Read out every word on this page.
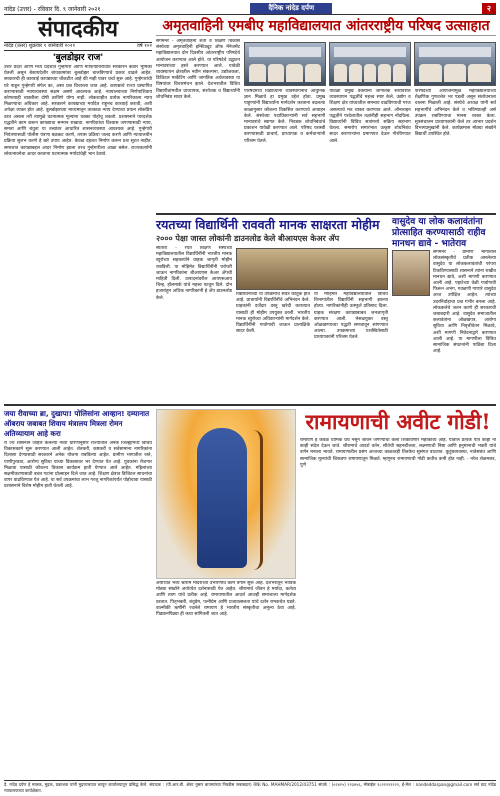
नांदेड (उत्तर) - रविवार दि. ९ जानेवारी २०२१	दैनिक नांदेड दर्पण	२
संपादकीय
नांदेड (उत्तर) शुक्रवार ९ जानेवारी २०२१	वर्ष १०२
'बुलडोझर राज'
उत्तर प्रदेश आणि मध्य प्रदेशात गुन्हेगारी आणि माफियांविरोधात सरकारने कठोर भूमिका घेतली असून बेकायदेशीर बांधकामांवर बुलडोझर चालविण्याचे प्रकार वाढले आहेत. सरकारची ही कारवाई कायद्याच्या चौकटीत आहे की नाही यावर चर्चा सुरू आहे. गुन्हेगारांची घरे पाडून गुन्हेगारी संपेल का, असा प्रश्न विचारला जात आहे. कायद्याचे राज्य प्रस्थापित करण्यासाठी न्यायव्यवस्था सक्षम असणे आवश्यक आहे. न्यायालयाच्या निर्णयाशिवाय कोणत्याही व्यक्तीला दोषी ठरविणे योग्य नाही. लोकशाहीत प्रत्येक नागरिकाला न्याय मिळण्याचा अधिकार आहे. सरकारने कायद्याच्या मर्यादेत राहूनच कारवाई करावी, अशी अपेक्षा व्यक्त होत आहे. बुलडोझरच्या माध्यमातून तात्काळ न्याय देण्याचा प्रयत्न लोकप्रिय ठरत असला तरी त्यामुळे घटनात्मक मूल्यांना धक्का पोहोचू शकतो. प्रशासनाने पारदर्शक पद्धतीने काम करून कायद्याचा सन्मान राखावा. नागरिकांचा विश्वास जपण्यासाठी न्याय, समता आणि बंधुता या तत्त्वांवर आधारित शासनव्यवस्था आवश्यक आहे. गुन्हेगारी नियंत्रणासाठी पोलीस यंत्रणा बळकट करणे, तपास प्रक्रिया जलद करणे आणि न्यायालयीन प्रक्रिया सुलभ करणे हे खरे उपाय आहेत. केवळ दहशत निर्माण करून प्रश्न सुटत नाहीत. समाजात कायद्याबद्दल आदर निर्माण झाला तरच गुन्हेगारीला आळा बसेल. राज्यकर्त्यांनी लोकभावनेचा आदर करताना घटनात्मक मर्यादांचेही भान ठेवावे.
अमृतवाहिनी एमबीए महाविद्यालयात आंतरराष्ट्रीय परिषद उत्साहात
संगमनेर - अमृतवाहिनी शेती व शिक्षण विकास संस्थेच्या अमृतवाहिनी इन्स्टिट्यूट ऑफ मॅनेजमेंट महाविद्यालयात दोन दिवसीय आंतरराष्ट्रीय परिषदेचे आयोजन करण्यात आले होते. या परिषदेचे उद्घाटन मान्यवरांच्या हस्ते करण्यात आले. यावेळी व्यवस्थापन क्षेत्रातील नवीन संकल्पना, उद्योजकता, डिजिटल मार्केटिंग आणि जागतिक अर्थव्यवस्था या विषयांवर विचारमंथन झाले. देशभरातील विविध विद्यापीठांमधील प्राध्यापक, संशोधक व विद्यार्थ्यांनी शोधनिबंध सादर केले.
परिषदेमध्ये विद्यार्थ्यांना व्यवस्थापनाचे आधुनिक ज्ञान मिळावे हा प्रमुख उद्देश होता. प्रमुख पाहुण्यांनी विद्यार्थ्यांना मार्गदर्शन करताना बदलत्या काळानुसार कौशल्य विकसित करण्याचे आवाहन केले. संस्थेच्या पदाधिकाऱ्यांनी सर्व सहभागी मान्यवरांचे स्वागत केले. निवडक शोधनिबंधांचे प्रकाशन यावेळी करण्यात आले. परिषद यशस्वी करण्यासाठी प्राचार्य, प्राध्यापक व कर्मचाऱ्यांनी परिश्रम घेतले.
यावेळी प्रमुख वक्त्यांनी जागतिक स्तरावरील व्यवस्थापन पद्धतींचे महत्त्व स्पष्ट केले. उद्योग व शिक्षण क्षेत्र यांच्यातील समन्वय वाढविण्याची गरज असल्याचे मत व्यक्त करण्यात आले. ऑनलाइन पद्धतीने परदेशातील तज्ञांनीही सहभाग नोंदविला. विद्यार्थ्यांनी विविध सत्रांमध्ये सक्रिय सहभाग घेतला. समारोप समारंभात उत्कृष्ट शोधनिबंध सादर करणाऱ्यांना प्रमाणपत्र देऊन गौरविण्यात आले.
परिषदेच्या आयोजनामुळे महाविद्यालयाच्या शैक्षणिक गुणवत्तेत भर पडली असून संशोधनाला चालना मिळाली आहे. संस्थेचे अध्यक्ष यांनी सर्व सहभागींचे अभिनंदन केले व भविष्यातही असे उपक्रम राबविण्याचा मानस व्यक्त केला. सूत्रसंचालन प्राध्यापकांनी केले तर आभार प्रदर्शन विभागप्रमुखांनी केले. कार्यक्रमास मोठ्या संख्येने विद्यार्थी उपस्थित होते.
रयतच्या विद्यार्थिनी राववती मानक साक्षरता मोहीम
२००० पेक्षा जास्त लोकांनी डाउनलोड केले बीआयएस केअर ॲप
सातारा - रयत शिक्षण संस्थेच्या महाविद्यालयातील विद्यार्थिनींनी भारतीय मानक ब्युरोच्या सहकार्याने ग्राहक जागृती मोहीम राबविली. या मोहिमेत विद्यार्थिनींनी घरोघरी जाऊन नागरिकांना बीआयएस केअर ॲपची माहिती दिली. उत्पादनांवरील आयएसआय चिन्ह, हॉलमार्क यांचे महत्त्व पटवून दिले. दोन हजारांहून अधिक नागरिकांनी हे ॲप डाउनलोड केले.
विद्यार्थिनींच्या या उपक्रमाचे सर्वत्र कौतुक होत आहे. प्राचार्यांनी विद्यार्थिनींचे अभिनंदन केले. ग्राहकांनी दर्जेदार वस्तू खरेदी कराव्यात यासाठी ही मोहीम उपयुक्त ठरली. भारतीय मानक ब्युरोच्या अधिकाऱ्यांनी मार्गदर्शन केले. विद्यार्थिनींनी गावोगावी जाऊन प्रात्यक्षिके सादर केली.
या मोहिमेत महाविद्यालयातील विविध विभागांतील विद्यार्थिनी सहभागी झाल्या होत्या. नागरिकांनीही उत्स्फूर्त प्रतिसाद दिला. ग्राहक संरक्षण कायद्याबाबत जनजागृती करण्यात आली. भेसळयुक्त वस्तू ओळखण्याच्या पद्धती समजावून सांगण्यात आल्या. उपक्रमाच्या यशस्वितेसाठी प्राध्यापकांनी परिश्रम घेतले.
वासुदेव या लोक कलावंतांना प्रोत्साहित करण्यासाठी राहीव मानधन द्यावे - भातेराव
संगमनेर - ग्रामीण भागातील लोकसंस्कृतीचे प्रतीक असलेल्या वासुदेव या लोककलावंतांची परंपरा टिकविण्यासाठी शासनाने त्यांना राखीव मानधन द्यावे, अशी मागणी करण्यात आली आहे. पहाटेच्या वेळी गावोगावी फिरून अभंग, गवळणी गाणारे वासुदेव आज उपेक्षित आहेत. त्यांच्या उदरनिर्वाहाचा प्रश्न गंभीर बनला आहे. लोककलेचे जतन करणे ही सरकारची जबाबदारी आहे. वासुदेव समाजातील कलावंतांना ओळखपत्र, आरोग्य सुविधा आणि निवृत्तीवेतन मिळावे, अशी मागणी निवेदनाद्वारे करण्यात आली आहे. या मागणीला विविध सामाजिक संघटनांनी पाठिंबा दिला आहे.
जया रीवाच्या ब्रा, दुखापा! पोलिसांना आव्हान! दम्यानात ऑबराय जबाबत शिवाय मंत्रालय मित्रला रोमन अतिव्यायाम आहे करा
रा ज्य शासनाने जाहीर केलेल्या नव्या धोरणानुसार राज्यातील अनेक जिल्ह्यांमध्ये विविध विकासकामे सुरू करण्यात आली आहेत. शेतकरी, कष्टकरी व सर्वसामान्य नागरिकांना दिलासा देण्यासाठी सरकारने अनेक योजना राबविल्या आहेत. ग्रामीण भागातील रस्ते, पाणीपुरवठा, आरोग्य सुविधा यांच्या विकासावर भर देण्यात येत आहे. युवकांना रोजगार मिळावा यासाठी कौशल्य विकास कार्यक्रम हाती घेण्यात आले आहेत. महिलांच्या सक्षमीकरणासाठी बचत गटांना प्रोत्साहन दिले जात आहे. शिक्षण क्षेत्रात डिजिटल साधनांचा वापर वाढविण्यात येत आहे. या सर्व उपक्रमांचा लाभ गरजू नागरिकांपर्यंत पोहोचावा यासाठी प्रशासनाने विशेष मोहीम हाती घेतली आहे.
अयोध्येत भव्य श्रीराम मंदिराच्या उभारणीचे काम वेगाने सुरू आहे. देशभरातून भाविक मोठ्या संख्येने अयोध्येत दर्शनासाठी येत आहेत. श्रीरामाचे जीवन हे मर्यादा, कर्तव्य आणि त्याग यांचे प्रतीक आहे. रामायणातील आदर्श आजही समाजाला मार्गदर्शक ठरतात. पितृभक्ती, बंधुप्रेम, पत्नीप्रेम आणि प्रजावत्सलता यांचे दर्शन रामकथेत घडते. वाल्मीकी ऋषींनी रचलेले रामायण हे भारतीय संस्कृतीचा अमूल्य ठेवा आहे. पिढ्यानपिढ्या ही कथा सांगितली जात आहे.
रामायणाची अवीट गोडी!
रामायण हे केवळ धार्मिक ग्रंथ नसून जीवन जगण्याची कला शिकविणारे महाकाव्य आहे. यातील प्रत्येक पात्र काही ना काही संदेश देऊन जाते. श्रीरामाचे आदर्श वर्तन, सीतेची सहनशीलता, लक्ष्मणाची निष्ठा आणि हनुमानाची भक्ती यांचे वर्णन मनाला भावते. रामायणातील प्रसंग आजच्या काळातही तितकेच सुसंगत वाटतात. कुटुंबव्यवस्था, नातेसंबंध आणि सामाजिक मूल्यांची शिकवण रामायणातून मिळते. म्हणूनच रामायणाची गोडी कधीच कमी होत नाही. - नरेश शेळमकर, पुणे
दै. नांदेड दर्पण हे मालक, मुद्रक, प्रकाशक यांनी मुद्रणालयात छापून कार्यालयातून प्रसिद्ध केले. संपादक : (पी.आर.बी. ॲक्ट नुसार बातम्यांच्या निवडीस जबाबदार) RNI No. MAHMAR/2012/43751 संपर्क : (०२४२५) २२३४५६, मोबाईल ९८२२२२२२२२, ई-मेल : nandeddarpan@gmail.com सर्व वाद नांदेड न्यायालयाच्या कार्यक्षेत्रात.
